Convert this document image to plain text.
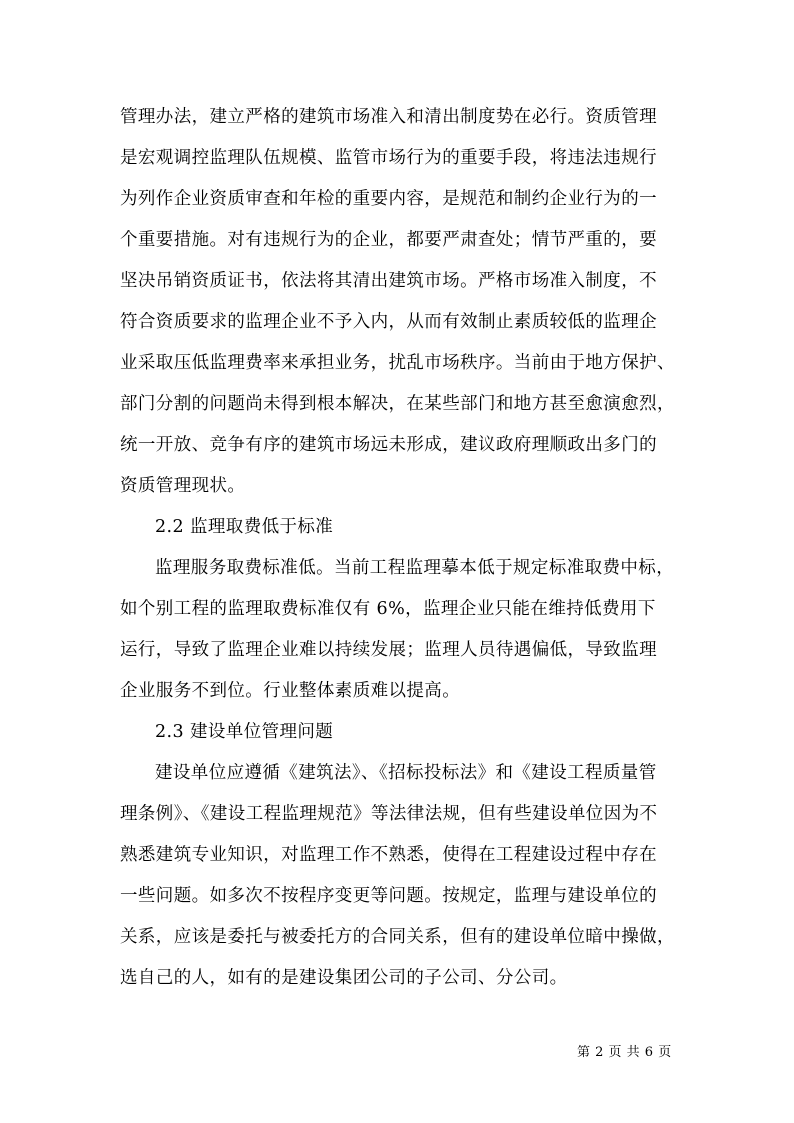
管理办法，建立严格的建筑市场准入和清出制度势在必行。资质管理
是宏观调控监理队伍规模、监管市场行为的重要手段，将违法违规行
为列作企业资质审查和年检的重要内容，是规范和制约企业行为的一
个重要措施。对有违规行为的企业，都要严肃查处；情节严重的，要
坚决吊销资质证书，依法将其清出建筑市场。严格市场准入制度，不
符合资质要求的监理企业不予入内，从而有效制止素质较低的监理企
业采取压低监理费率来承担业务，扰乱市场秩序。当前由于地方保护、
部门分割的问题尚未得到根本解决，在某些部门和地方甚至愈演愈烈，
统一开放、竞争有序的建筑市场远未形成，建议政府理顺政出多门的
资质管理现状。
2.2 监理取费低于标准
监理服务取费标准低。当前工程监理摹本低于规定标准取费中标，
如个别工程的监理取费标准仅有 6%，监理企业只能在维持低费用下
运行，导致了监理企业难以持续发展；监理人员待遇偏低，导致监理
企业服务不到位。行业整体素质难以提高。
2.3 建设单位管理问题
建设单位应遵循《建筑法》、《招标投标法》和《建设工程质量管
理条例》、《建设工程监理规范》等法律法规，但有些建设单位因为不
熟悉建筑专业知识，对监理工作不熟悉，使得在工程建设过程中存在
一些问题。如多次不按程序变更等问题。按规定，监理与建设单位的
关系，应该是委托与被委托方的合同关系，但有的建设单位暗中操做，
选自己的人，如有的是建设集团公司的子公司、分公司。
第 2 页 共 6 页
